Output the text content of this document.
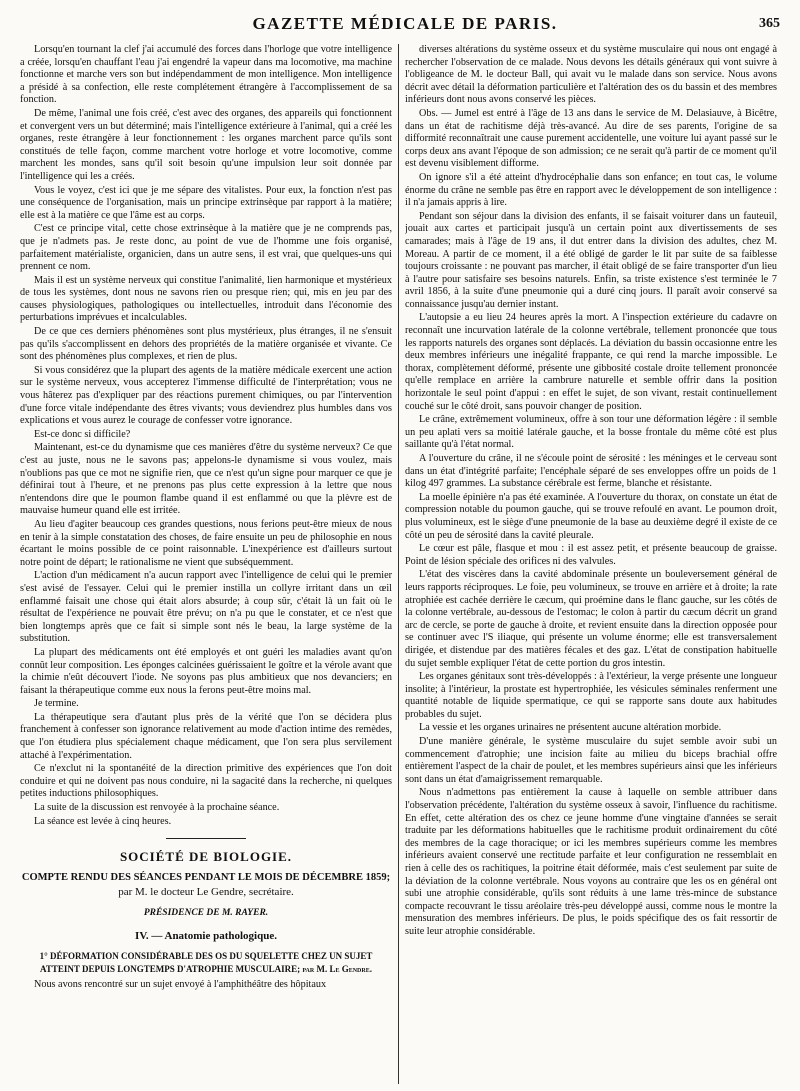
GAZETTE MÉDICALE DE PARIS.	365

Lorsqu'en tournant la clef j'ai accumulé des forces dans l'horloge que votre intelligence a créée, lorsqu'en chauffant l'eau j'ai engendré la vapeur dans ma locomotive, ma machine fonctionne et marche vers son but indépendamment de mon intelligence. Mon intelligence a présidé à sa confection, elle reste complétement étrangère à l'accomplissement de sa fonction.

De même, l'animal une fois créé, c'est avec des organes, des appareils qui fonctionnent et convergent vers un but déterminé; mais l'intelligence extérieure à l'animal, qui a créé les organes, reste étrangère à leur fonctionnement : les organes marchent parce qu'ils sont constitués de telle façon, comme marchent votre horloge et votre locomotive, comme marchent les mondes, sans qu'il soit besoin qu'une impulsion leur soit donnée par l'intelligence qui les a créés.

Vous le voyez, c'est ici que je me sépare des vitalistes. Pour eux, la fonction n'est pas une conséquence de l'organisation, mais un principe extrinsèque par rapport à la matière; elle est à la matière ce que l'âme est au corps.

C'est ce principe vital, cette chose extrinsèque à la matière que je ne comprends pas, que je n'admets pas. Je reste donc, au point de vue de l'homme une fois organisé, parfaitement matérialiste, organicien, dans un autre sens, il est vrai, que quelques-uns qui prennent ce nom.

Mais il est un système nerveux qui constitue l'animalité, lien harmonique et mystérieux de tous les systèmes, dont nous ne savons rien ou presque rien; qui, mis en jeu par des causes physiologiques, pathologiques ou intellectuelles, introduit dans l'économie des perturbations imprévues et incalculables.

De ce que ces derniers phénomènes sont plus mystérieux, plus étranges, il ne s'ensuit pas qu'ils s'accomplissent en dehors des propriétés de la matière organisée et vivante. Ce sont des phénomènes plus complexes, et rien de plus.

Si vous considérez que la plupart des agents de la matière médicale exercent une action sur le système nerveux, vous accepterez l'immense difficulté de l'interprétation; vous ne vous hâterez pas d'expliquer par des réactions purement chimiques, ou par l'intervention d'une force vitale indépendante des êtres vivants; vous deviendrez plus humbles dans vos explications et vous aurez le courage de confesser votre ignorance.

Est-ce donc si difficile?

Maintenant, est-ce du dynamisme que ces manières d'être du système nerveux? Ce que c'est au juste, nous ne le savons pas; appelons-le dynamisme si vous voulez, mais n'oublions pas que ce mot ne signifie rien, que ce n'est qu'un signe pour marquer ce que je définirai tout à l'heure, et ne prenons pas plus cette expression à la lettre que nous n'entendons dire que le poumon flambe quand il est enflammé ou que la plèvre est de mauvaise humeur quand elle est irritée.

Au lieu d'agiter beaucoup ces grandes questions, nous ferions peut-être mieux de nous en tenir à la simple constatation des choses, de faire ensuite un peu de philosophie en nous écartant le moins possible de ce point raisonnable. L'inexpérience est d'ailleurs surtout notre point de départ; le rationalisme ne vient que subséquemment.

L'action d'un médicament n'a aucun rapport avec l'intelligence de celui qui le premier s'est avisé de l'essayer. Celui qui le premier instilla un collyre irritant dans un œil enflammé faisait une chose qui était alors absurde; à coup sûr, c'était là un fait où le résultat de l'expérience ne pouvait être prévu; on n'a pu que le constater, et ce n'est que bien longtemps après que ce fait si simple sont nés le beau, la large système de la substitution.

La plupart des médicaments ont été employés et ont guéri les maladies avant qu'on connût leur composition. Les éponges calcinées guérissaient le goître et la vérole avant que la chimie n'eût découvert l'iode. Ne soyons pas plus ambitieux que nos devanciers; en faisant la thérapeutique comme eux nous la ferons peut-être moins mal.

Je termine.

La thérapeutique sera d'autant plus près de la vérité que l'on se décidera plus franchement à confesser son ignorance relativement au mode d'action intime des remèdes, que l'on étudiera plus spécialement chaque médicament, que l'on sera plus servilement attaché à l'expérimentation.

Ce n'exclut ni la spontanéité de la direction primitive des expériences que l'on doit conduire et qui ne doivent pas nous conduire, ni la sagacité dans la recherche, ni quelques petites inductions philosophiques.

La suite de la discussion est renvoyée à la prochaine séance.

La séance est levée à cinq heures.

SOCIÉTÉ DE BIOLOGIE.
COMPTE RENDU DES SÉANCES PENDANT LE MOIS DE DÉCEMBRE 1859;
par M. le docteur Le Gendre, secrétaire.
PRÉSIDENCE DE M. RAYER.
IV. — Anatomie pathologique.
1° DÉFORMATION CONSIDÉRABLE DES OS DU SQUELETTE CHEZ UN SUJET ATTEINT DEPUIS LONGTEMPS D'ATROPHIE MUSCULAIRE; par M. Le Gendre.

Nous avons rencontré sur un sujet envoyé à l'amphithéâtre des hôpitaux

diverses altérations du système osseux et du système musculaire qui nous ont engagé à rechercher l'observation de ce malade. Nous devons les détails généraux qui vont suivre à l'obligeance de M. le docteur Ball, qui avait vu le malade dans son service. Nous avons décrit avec détail la déformation particulière et l'altération des os du bassin et des membres inférieurs dont nous avons conservé les pièces.

Obs. — Jumel est entré à l'âge de 13 ans dans le service de M. Delasiauve, à Bicêtre, dans un état de rachitisme déjà très-avancé. Au dire de ses parents, l'origine de sa difformité reconnaîtrait une cause purement accidentelle, une voiture lui ayant passé sur le corps deux ans avant l'époque de son admission; ce ne serait qu'à partir de ce moment qu'il est devenu visiblement difforme.

On ignore s'il a été atteint d'hydrocéphalie dans son enfance; en tout cas, le volume énorme du crâne ne semble pas être en rapport avec le développement de son intelligence : il n'a jamais appris à lire.

Pendant son séjour dans la division des enfants, il se faisait voiturer dans un fauteuil, jouait aux cartes et participait jusqu'à un certain point aux divertissements de ses camarades; mais à l'âge de 19 ans, il dut entrer dans la division des adultes, chez M. Moreau. A partir de ce moment, il a été obligé de garder le lit par suite de sa faiblesse toujours croissante : ne pouvant pas marcher, il était obligé de se faire transporter d'un lieu à l'autre pour satisfaire ses besoins naturels. Enfin, sa triste existence s'est terminée le 7 avril 1856, à la suite d'une pneumonie qui a duré cinq jours. Il paraît avoir conservé sa connaissance jusqu'au dernier instant.

L'autopsie a eu lieu 24 heures après la mort. A l'inspection extérieure du cadavre on reconnaît une incurvation latérale de la colonne vertébrale, tellement prononcée que tous les rapports naturels des organes sont déplacés. La déviation du bassin occasionne entre les deux membres inférieurs une inégalité frappante, ce qui rend la marche impossible. Le thorax, complètement déformé, présente une gibbosité costale droite tellement prononcée qu'elle remplace en arrière la cambrure naturelle et semble offrir dans la position horizontale le seul point d'appui : en effet le sujet, de son vivant, restait continuellement couché sur le côté droit, sans pouvoir changer de position.

Le crâne, extrêmement volumineux, offre à son tour une déformation légère : il semble un peu aplati vers sa moitié latérale gauche, et la bosse frontale du même côté est plus saillante qu'à l'état normal.

A l'ouverture du crâne, il ne s'écoule point de sérosité : les méninges et le cerveau sont dans un état d'intégrité parfaite; l'encéphale séparé de ses enveloppes offre un poids de 1 kilog 497 grammes. La substance cérébrale est ferme, blanche et résistante.

La moelle épinière n'a pas été examinée. A l'ouverture du thorax, on constate un état de compression notable du poumon gauche, qui se trouve refoulé en avant. Le poumon droit, plus volumineux, est le siège d'une pneumonie de la base au deuxième degré il existe de ce côté un peu de sérosité dans la cavité pleurale.

Le cœur est pâle, flasque et mou : il est assez petit, et présente beaucoup de graisse. Point de lésion spéciale des orifices ni des valvules.

L'état des viscères dans la cavité abdominale présente un bouleversement général de leurs rapports réciproques. Le foie, peu volumineux, se trouve en arrière et à droite; la rate atrophiée est cachée derrière le cæcum, qui proémine dans le flanc gauche, sur les côtés de la colonne vertébrale, au-dessous de l'estomac; le colon à partir du cæcum décrit un grand arc de cercle, se porte de gauche à droite, et revient ensuite dans la direction opposée pour se continuer avec l'S iliaque, qui présente un volume énorme; elle est transversalement dirigée, et distendue par des matières fécales et des gaz. L'état de constipation habituelle du sujet semble expliquer l'état de cette portion du gros intestin.

Les organes génitaux sont très-développés : à l'extérieur, la verge présente une longueur insolite; à l'intérieur, la prostate est hypertrophiée, les vésicules séminales renferment une quantité notable de liquide spermatique, ce qui se rapporte sans doute aux habitudes probables du sujet.

La vessie et les organes urinaires ne présentent aucune altération morbide.

D'une manière générale, le système musculaire du sujet semble avoir subi un commencement d'atrophie; une incision faite au milieu du biceps brachial offre entièrement l'aspect de la chair de poulet, et les membres supérieurs ainsi que les inférieurs sont dans un état d'amaigrissement remarquable.

Nous n'admettons pas entièrement la cause à laquelle on semble attribuer dans l'observation précédente, l'altération du système osseux à savoir, l'influence du rachitisme. En effet, cette altération des os chez ce jeune homme d'une vingtaine d'années se serait traduite par les déformations habituelles que le rachitisme produit ordinairement du côté des membres de la cage thoracique; or ici les membres supérieurs comme les membres inférieurs avaient conservé une rectitude parfaite et leur configuration ne ressemblait en rien à celle des os rachitiques, la poitrine était déformée, mais c'est seulement par suite de la déviation de la colonne vertébrale. Nous voyons au contraire que les os en général ont subi une atrophie considérable, qu'ils sont réduits à une lame très-mince de substance compacte recouvrant le tissu aréolaire très-peu développé aussi, comme nous le montre la mensuration des membres inférieurs. De plus, le poids spécifique des os fait ressortir de suite leur atrophie considérable.
